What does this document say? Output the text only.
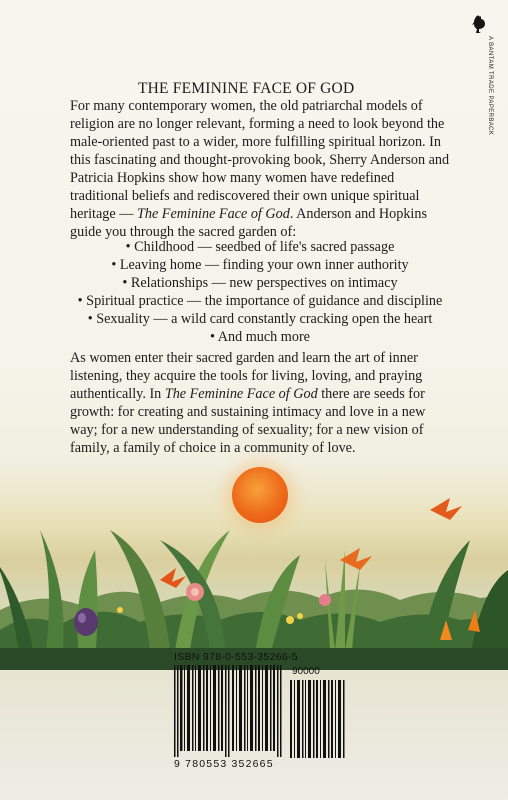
A BANTAM TRADE PAPERBACK
THE FEMININE FACE OF GOD
For many contemporary women, the old patriarchal models of religion are no longer relevant, forming a need to look beyond the male-oriented past to a wider, more fulfilling spiritual horizon. In this fascinating and thought-provoking book, Sherry Anderson and Patricia Hopkins show how many women have redefined traditional beliefs and rediscovered their own unique spiritual heritage — The Feminine Face of God. Anderson and Hopkins guide you through the sacred garden of:
• Childhood — seedbed of life's sacred passage
• Leaving home — finding your own inner authority
• Relationships — new perspectives on intimacy
• Spiritual practice — the importance of guidance and discipline
• Sexuality — a wild card constantly cracking open the heart
• And much more
As women enter their sacred garden and learn the art of inner listening, they acquire the tools for living, loving, and praying authentically. In The Feminine Face of God there are seeds for growth: for creating and sustaining intimacy and love in a new way; for a new understanding of sexuality; for a new vision of family, a family of choice in a community of love.
ISBN 978-0-553-35266-5
90000
9 780553 352665
